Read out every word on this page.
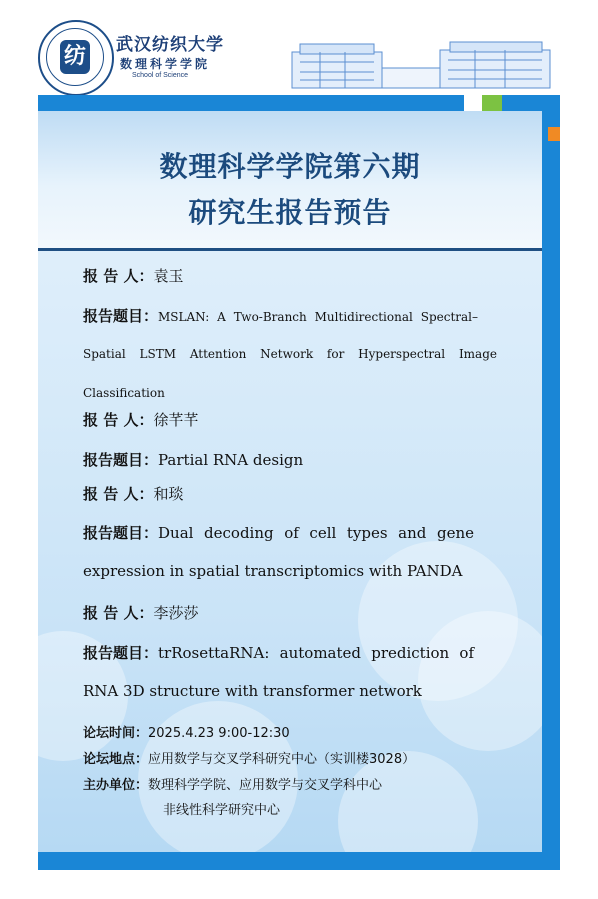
纺 武汉纺织大学
数理科学学院
School of Science
数理科学学院第六期
研究生报告预告
报 告 人：袁玉
报告题目：MSLAN: A Two-Branch Multidirectional Spectral–
Spatial LSTM Attention Network for Hyperspectral Image
Classification
报 告 人：徐芊芊
报告题目：Partial RNA design
报 告 人：和琰
报告题目：Dual decoding of cell types and gene
expression in spatial transcriptomics with PANDA
报 告 人：李莎莎
报告题目：trRosettaRNA: automated prediction of
RNA 3D structure with transformer network
论坛时间：2025.4.23 9:00-12:30
论坛地点：应用数学与交叉学科研究中心（实训楼3028）
主办单位：数理科学学院、应用数学与交叉学科中心
非线性科学研究中心
